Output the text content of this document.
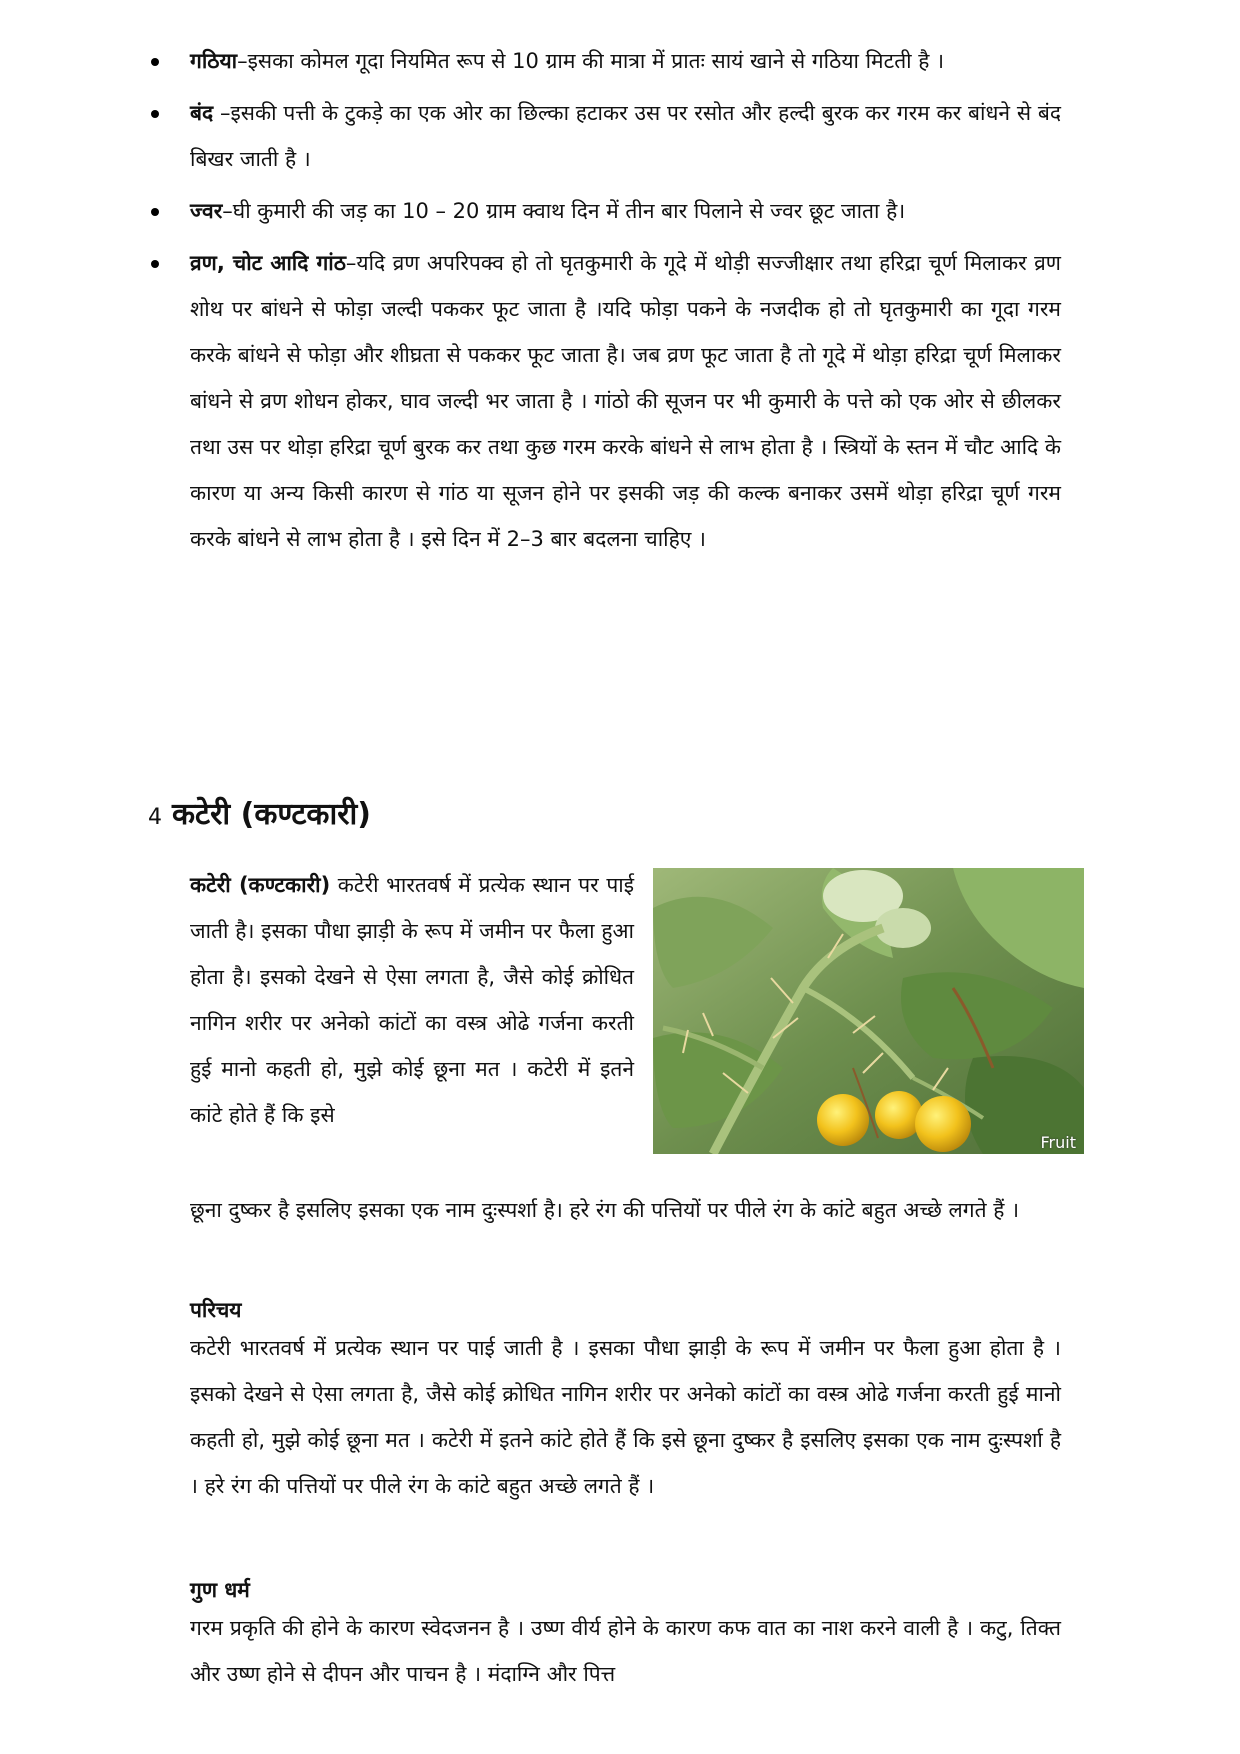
गठिया–इसका कोमल गूदा नियमित रूप से 10 ग्राम की मात्रा में प्रातः सायं खाने से गठिया मिटती है ।
बंद –इसकी पत्ती के टुकड़े का एक ओर का छिल्का हटाकर उस पर रसोत और हल्दी बुरक कर गरम कर बांधने से बंद बिखर जाती है ।
ज्वर–घी कुमारी की जड़ का 10 – 20 ग्राम क्वाथ दिन में तीन बार पिलाने से ज्वर छूट जाता है।
व्रण, चोट आदि गांठ–यदि व्रण अपरिपक्व हो तो घृतकुमारी के गूदे में थोड़ी सज्जीक्षार तथा हरिद्रा चूर्ण मिलाकर व्रण शोथ पर बांधने से फोड़ा जल्दी पककर फूट जाता है ।यदि फोड़ा पकने के नजदीक हो तो घृतकुमारी का गूदा गरम करके बांधने से फोड़ा और शीघ्रता से पककर फूट जाता है। जब व्रण फूट जाता है तो गूदे में थोड़ा हरिद्रा चूर्ण मिलाकर बांधने से व्रण शोधन होकर, घाव जल्दी भर जाता है । गांठो की सूजन पर भी कुमारी के पत्ते को एक ओर से छीलकर तथा उस पर थोड़ा हरिद्रा चूर्ण बुरक कर तथा कुछ गरम करके बांधने से लाभ होता है । स्त्रियों के स्तन में चौट आदि के कारण या अन्य किसी कारण से गांठ या सूजन होने पर इसकी जड़ की कल्क बनाकर उसमें थोड़ा हरिद्रा चूर्ण गरम करके बांधने से लाभ होता है । इसे दिन में 2–3 बार बदलना चाहिए ।
4 कटेरी (कण्टकारी)
Fruit
कटेरी (कण्टकारी) कटेरी भारतवर्ष में प्रत्येक स्थान पर पाई जाती है। इसका पौधा झाड़ी के रूप में जमीन पर फैला हुआ होता है। इसको देखने से ऐसा लगता है, जैसे कोई क्रोधित नागिन शरीर पर अनेको कांटों का वस्त्र ओढे गर्जना करती हुई मानो कहती हो, मुझे कोई छूना मत । कटेरी में इतने कांटे होते हैं कि इसे
छूना दुष्कर है इसलिए इसका एक नाम दुःस्पर्शा है। हरे रंग की पत्तियों पर पीले रंग के कांटे बहुत अच्छे लगते हैं ।
परिचय

कटेरी भारतवर्ष में प्रत्येक स्थान पर पाई जाती है । इसका पौधा झाड़ी के रूप में जमीन पर फैला हुआ होता है । इसको देखने से ऐसा लगता है, जैसे कोई क्रोधित नागिन शरीर पर अनेको कांटों का वस्त्र ओढे गर्जना करती हुई मानो कहती हो, मुझे कोई छूना मत । कटेरी में इतने कांटे होते हैं कि इसे छूना दुष्कर है इसलिए इसका एक नाम दुःस्पर्शा है । हरे रंग की पत्तियों पर पीले रंग के कांटे बहुत अच्छे लगते हैं ।

गुण धर्म

गरम प्रकृति की होने के कारण स्वेदजनन है । उष्ण वीर्य होने के कारण कफ वात का नाश करने वाली है । कटु, तिक्त और उष्ण होने से दीपन और पाचन है । मंदाग्नि और पित्त
